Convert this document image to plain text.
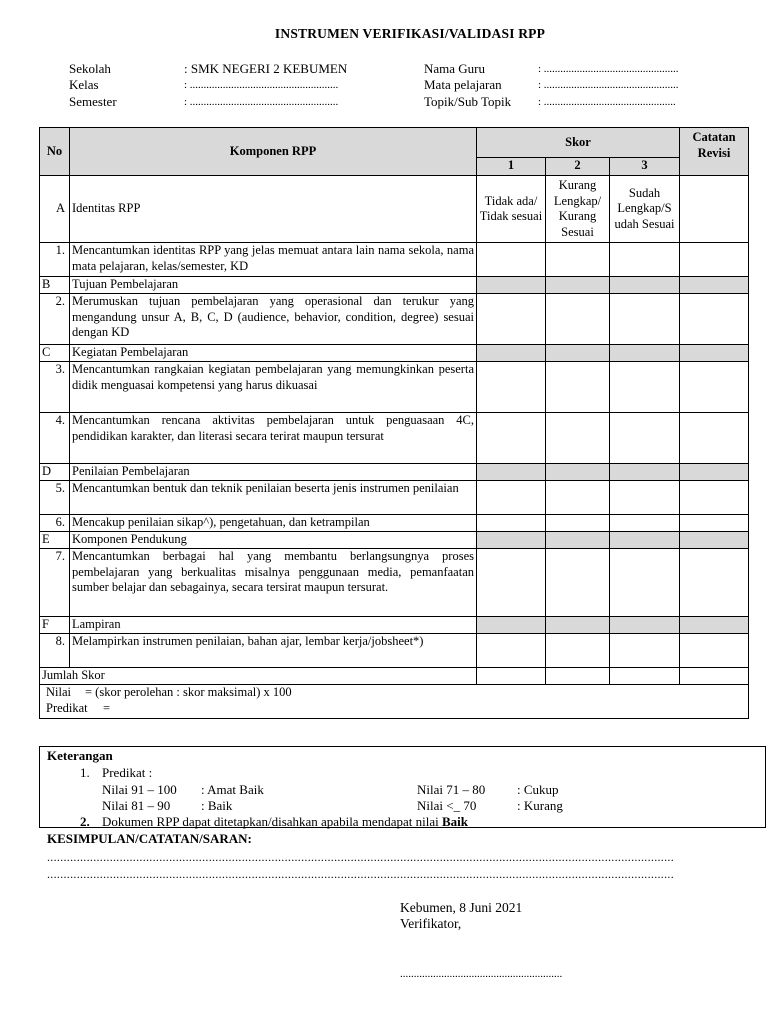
INSTRUMEN VERIFIKASI/VALIDASI RPP
Sekolah	: SMK NEGERI 2 KEBUMEN
Kelas	: ......................................................
Semester	: ......................................................
Nama Guru	: .................................................
Mata pelajaran	: .................................................
Topik/Sub Topik : ................................................
No	Komponen RPP	Skor			Catatan Revisi
		1	2	3	
A	Identitas RPP	Tidak ada/ Tidak sesuai	Kurang Lengkap/ Kurang Sesuai	Sudah Lengkap/S udah Sesuai	
1.	Mencantumkan identitas RPP yang jelas memuat antara lain nama sekola, nama mata pelajaran, kelas/semester, KD				
B	Tujuan Pembelajaran				
2.	Merumuskan tujuan pembelajaran yang operasional dan terukur yang mengandung unsur A, B, C, D (audience, behavior, condition, degree) sesuai dengan KD				
C	Kegiatan Pembelajaran				
3.	Mencantumkan rangkaian kegiatan pembelajaran yang memungkinkan peserta didik menguasai kompetensi yang harus dikuasai				
4.	Mencantumkan rencana aktivitas pembelajaran untuk penguasaan 4C, pendidikan karakter, dan literasi secara terirat maupun tersurat				
D	Penilaian Pembelajaran				
5.	Mencantumkan bentuk dan teknik penilaian beserta jenis instrumen penilaian				
6.	Mencakup penilaian sikap^), pengetahuan, dan ketrampilan				
E	Komponen Pendukung				
7.	Mencantumkan berbagai hal yang membantu berlangsungnya proses pembelajaran yang berkualitas misalnya penggunaan media, pemanfaatan sumber belajar dan sebagainya, secara tersirat maupun tersurat.				
F	Lampiran				
8.	Melampirkan instrumen penilaian, bahan ajar, lembar kerja/jobsheet*)				
Jumlah Skor					

Nilai = (skor perolehan : skor maksimal) x 100
Predikat =					
Keterangan
1. Predikat :
Nilai 91 – 100 : Amat Baik
Nilai 81 – 90 : Baik
Nilai 71 – 80 : Cukup
Nilai <_ 70	: Kurang
2. Dokumen RPP dapat ditetapkan/disahkan apabila mendapat nilai Baik
KESIMPULAN/CATATAN/SARAN:
..............................................................................................................................................................................................
..............................................................................................................................................................................................
Kebumen, 8 Juni 2021
Verifikator,
...........................................................
